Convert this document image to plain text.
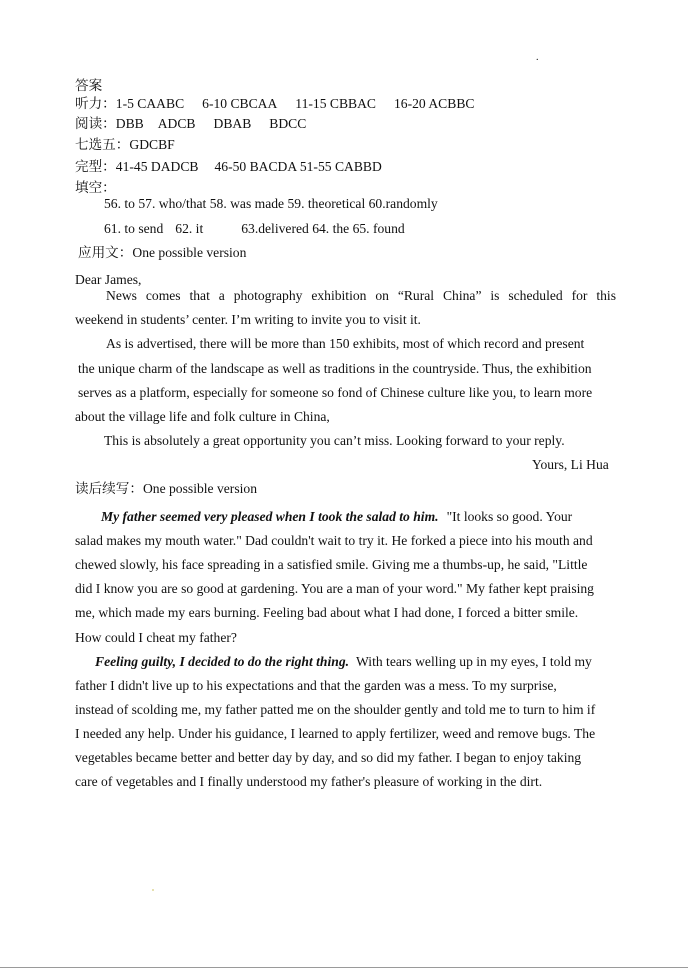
.
答案
听力：1-5 CAABC 6-10 CBCAA 11-15 CBBAC 16-20 ACBBC
阅读：DBB ADCB DBAB BDCC
七选五：GDCBF
完型：41-45 DADCB 46-50 BACDA 51-55 CABBD
填空：
56. to 57. who/that 58. was made 59. theoretical 60.randomly
61. to send 62. it	63.delivered 64. the 65. found
应用文：One possible version
Dear James,
News comes that a photography exhibition on “Rural China” is scheduled for this
weekend in students’ center. I’m writing to invite you to visit it.
As is advertised, there will be more than 150 exhibits, most of which record and present
the unique charm of the landscape as well as traditions in the countryside. Thus, the exhibition
serves as a platform, especially for someone so fond of Chinese culture like you, to learn more
about the village life and folk culture in China,
This is absolutely a great opportunity you can’t miss. Looking forward to your reply.
Yours, Li Hua
读后续写：One possible version
My father seemed very pleased when I took the salad to him. "It looks so good. Your
salad makes my mouth water." Dad couldn't wait to try it. He forked a piece into his mouth and
chewed slowly, his face spreading in a satisfied smile. Giving me a thumbs-up, he said, "Little
did I know you are so good at gardening. You are a man of your word." My father kept praising
me, which made my ears burning. Feeling bad about what I had done, I forced a bitter smile.
How could I cheat my father?
Feeling guilty, I decided to do the right thing. With tears welling up in my eyes, I told my
father I didn't live up to his expectations and that the garden was a mess. To my surprise,
instead of scolding me, my father patted me on the shoulder gently and told me to turn to him if
I needed any help. Under his guidance, I learned to apply fertilizer, weed and remove bugs. The
vegetables became better and better day by day, and so did my father. I began to enjoy taking
care of vegetables and I finally understood my father's pleasure of working in the dirt.
